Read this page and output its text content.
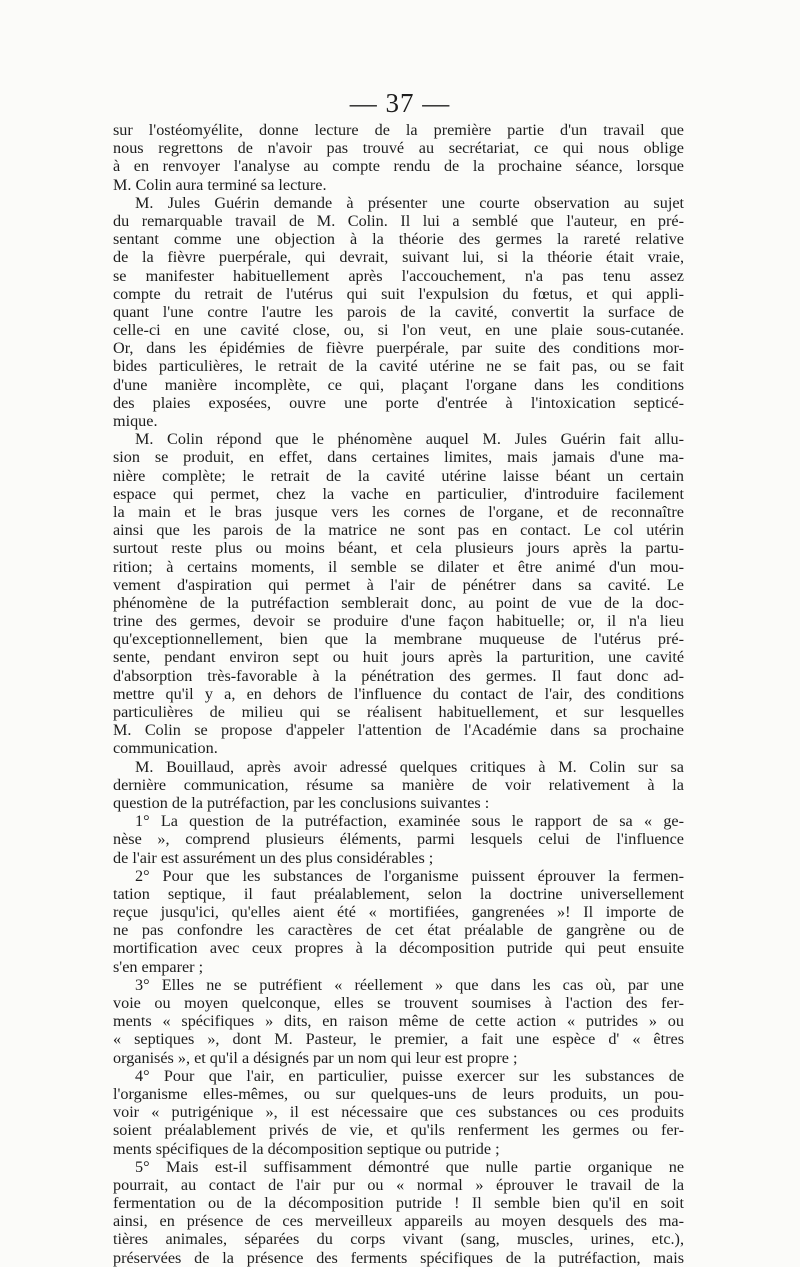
— 37 —
sur l'ostéomyélite, donne lecture de la première partie d'un travail que
nous regrettons de n'avoir pas trouvé au secrétariat, ce qui nous oblige
à en renvoyer l'analyse au compte rendu de la prochaine séance, lorsque
M. Colin aura terminé sa lecture.
M. Jules Guérin demande à présenter une courte observation au sujet
du remarquable travail de M. Colin. Il lui a semblé que l'auteur, en pré-
sentant comme une objection à la théorie des germes la rareté relative
de la fièvre puerpérale, qui devrait, suivant lui, si la théorie était vraie,
se manifester habituellement après l'accouchement, n'a pas tenu assez
compte du retrait de l'utérus qui suit l'expulsion du fœtus, et qui appli-
quant l'une contre l'autre les parois de la cavité, convertit la surface de
celle-ci en une cavité close, ou, si l'on veut, en une plaie sous-cutanée.
Or, dans les épidémies de fièvre puerpérale, par suite des conditions mor-
bides particulières, le retrait de la cavité utérine ne se fait pas, ou se fait
d'une manière incomplète, ce qui, plaçant l'organe dans les conditions
des plaies exposées, ouvre une porte d'entrée à l'intoxication septicé-
mique.
M. Colin répond que le phénomène auquel M. Jules Guérin fait allu-
sion se produit, en effet, dans certaines limites, mais jamais d'une ma-
nière complète; le retrait de la cavité utérine laisse béant un certain
espace qui permet, chez la vache en particulier, d'introduire facilement
la main et le bras jusque vers les cornes de l'organe, et de reconnaître
ainsi que les parois de la matrice ne sont pas en contact. Le col utérin
surtout reste plus ou moins béant, et cela plusieurs jours après la partu-
rition; à certains moments, il semble se dilater et être animé d'un mou-
vement d'aspiration qui permet à l'air de pénétrer dans sa cavité. Le
phénomène de la putréfaction semblerait donc, au point de vue de la doc-
trine des germes, devoir se produire d'une façon habituelle; or, il n'a lieu
qu'exceptionnellement, bien que la membrane muqueuse de l'utérus pré-
sente, pendant environ sept ou huit jours après la parturition, une cavité
d'absorption très-favorable à la pénétration des germes. Il faut donc ad-
mettre qu'il y a, en dehors de l'influence du contact de l'air, des conditions
particulières de milieu qui se réalisent habituellement, et sur lesquelles
M. Colin se propose d'appeler l'attention de l'Académie dans sa prochaine
communication.
M. Bouillaud, après avoir adressé quelques critiques à M. Colin sur sa
dernière communication, résume sa manière de voir relativement à la
question de la putréfaction, par les conclusions suivantes :
1° La question de la putréfaction, examinée sous le rapport de sa « ge-
nèse », comprend plusieurs éléments, parmi lesquels celui de l'influence
de l'air est assurément un des plus considérables ;
2° Pour que les substances de l'organisme puissent éprouver la fermen-
tation septique, il faut préalablement, selon la doctrine universellement
reçue jusqu'ici, qu'elles aient été « mortifiées, gangrenées »! Il importe de
ne pas confondre les caractères de cet état préalable de gangrène ou de
mortification avec ceux propres à la décomposition putride qui peut ensuite
s'en emparer ;
3° Elles ne se putréfient « réellement » que dans les cas où, par une
voie ou moyen quelconque, elles se trouvent soumises à l'action des fer-
ments « spécifiques » dits, en raison même de cette action « putrides » ou
« septiques », dont M. Pasteur, le premier, a fait une espèce d' « êtres
organisés », et qu'il a désignés par un nom qui leur est propre ;
4° Pour que l'air, en particulier, puisse exercer sur les substances de
l'organisme elles-mêmes, ou sur quelques-uns de leurs produits, un pou-
voir « putrigénique », il est nécessaire que ces substances ou ces produits
soient préalablement privés de vie, et qu'ils renferment les germes ou fer-
ments spécifiques de la décomposition septique ou putride ;
5° Mais est-il suffisamment démontré que nulle partie organique ne
pourrait, au contact de l'air pur ou « normal » éprouver le travail de la
fermentation ou de la décomposition putride ! Il semble bien qu'il en soit
ainsi, en présence de ces merveilleux appareils au moyen desquels des ma-
tières animales, séparées du corps vivant (sang, muscles, urines, etc.),
préservées de la présence des ferments spécifiques de la putréfaction, mais
